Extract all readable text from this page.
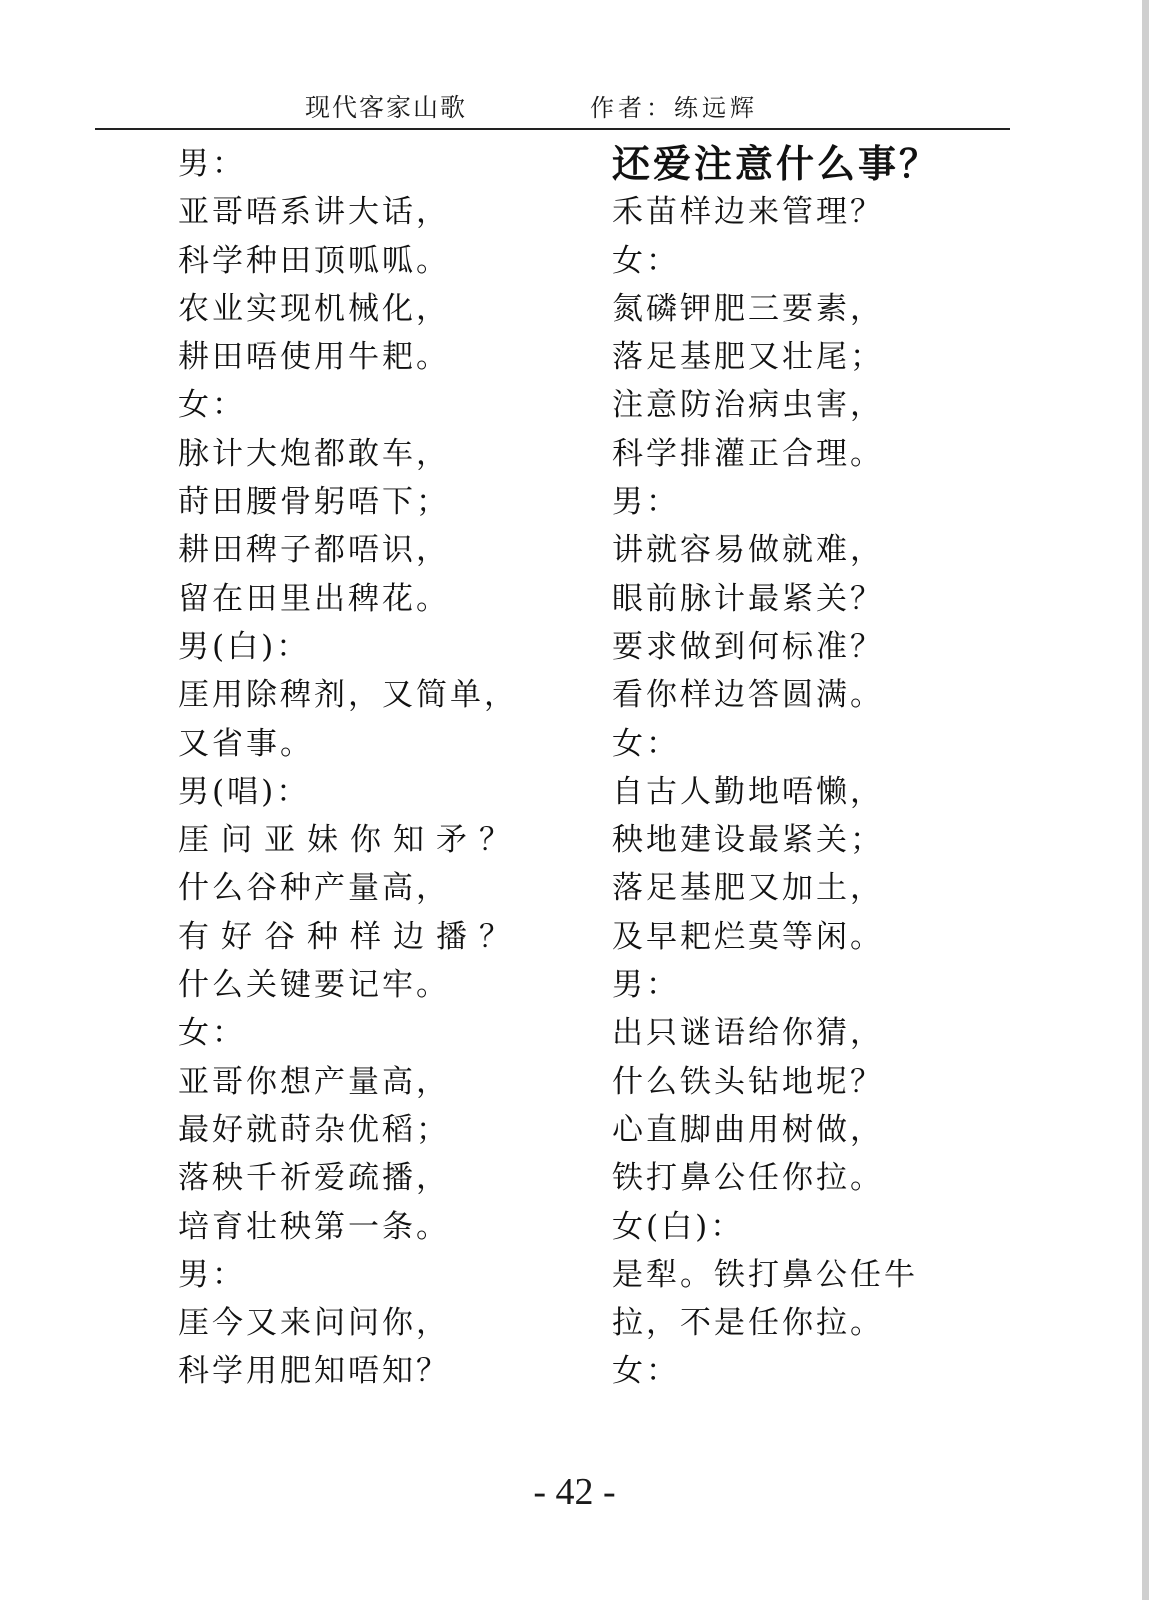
现代客家山歌	作者：练远辉
男：
亚哥唔系讲大话，
科学种田顶呱呱。
农业实现机械化，
耕田唔使用牛耙。
女：
脉计大炮都敢车，
莳田腰骨躬唔下；
耕田稗子都唔识，
留在田里出稗花。
男(白)：
厓用除稗剂，又简单，
又省事。
男(唱)：
厓问亚妹你知矛？
什么谷种产量高，
有好谷种样边播？
什么关键要记牢。
女：
亚哥你想产量高，
最好就莳杂优稻；
落秧千祈爱疏播，
培育壮秧第一条。
男：
厓今又来问问你，
科学用肥知唔知？
还爱注意什么事？
禾苗样边来管理？
女：
氮磷钾肥三要素，
落足基肥又壮尾；
注意防治病虫害，
科学排灌正合理。
男：
讲就容易做就难，
眼前脉计最紧关？
要求做到何标准？
看你样边答圆满。
女：
自古人勤地唔懒，
秧地建设最紧关；
落足基肥又加土，
及早耙烂莫等闲。
男：
出只谜语给你猜，
什么铁头钻地坭？
心直脚曲用树做，
铁打鼻公任你拉。
女(白)：
是犁。铁打鼻公任牛
拉，不是任你拉。
女：
- 42 -
